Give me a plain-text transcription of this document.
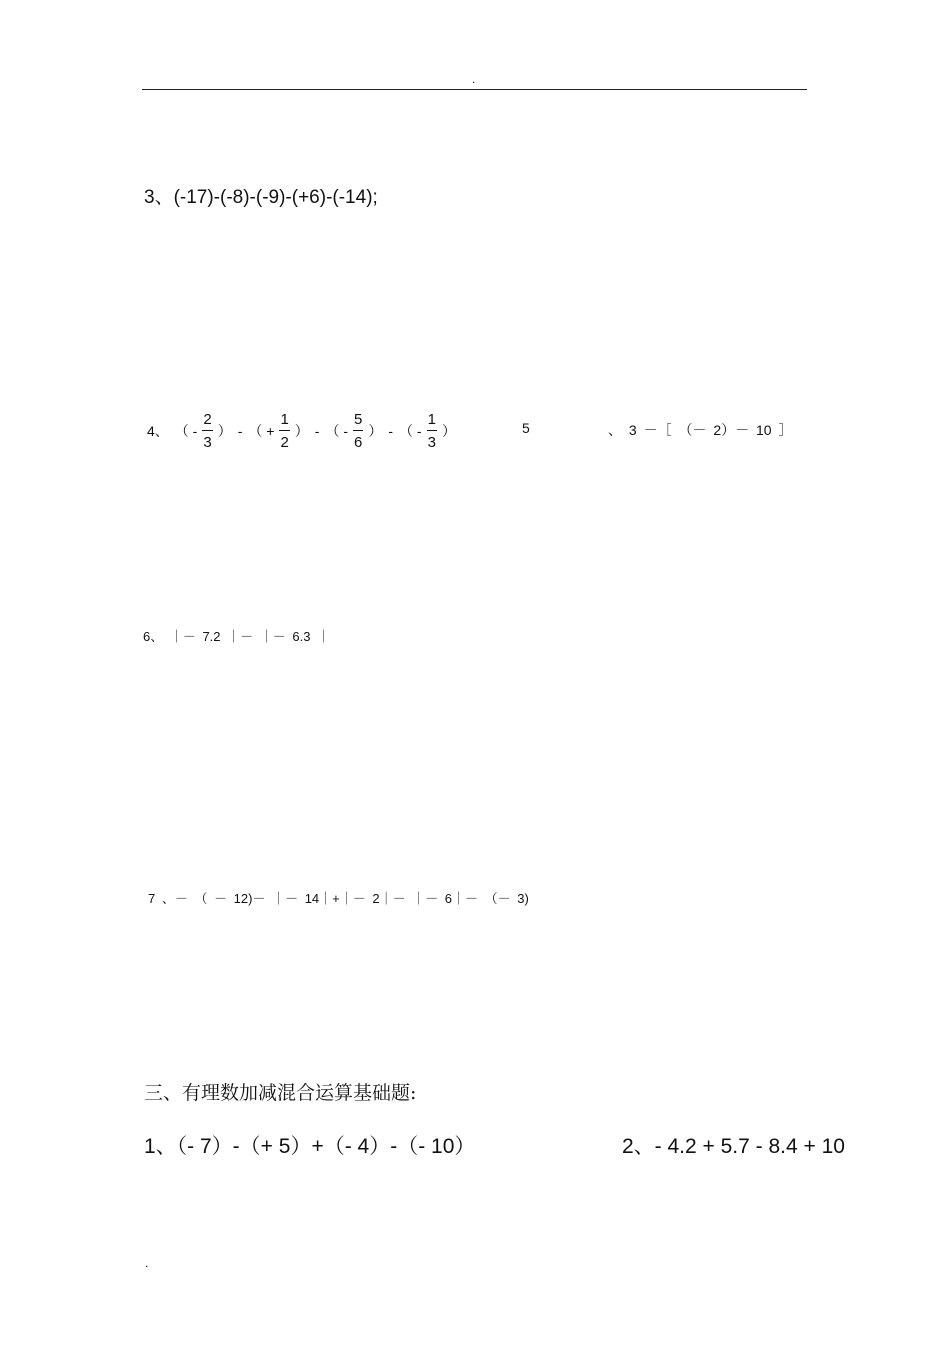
.
3、(-17)-(-8)-(-9)-(+6)-(-14);
4、 （ - $\frac{2}{3}$ ） - （ + $\frac{1}{2}$ ） - （ - $\frac{5}{6}$ ） - （ - $\frac{1}{3}$ ）	5	、 3 －［ （－ 2）－ 10 ］
6、 ｜－ 7.2 ｜－ ｜－ 6.3 ｜
7 、－ （ － 12)－ ｜－ 14｜+｜－ 2｜－ ｜－ 6｜－ （－ 3)
三、有理数加减混合运算基础题:
1、（- 7）-（+ 5）+（- 4）-（- 10）	2、- 4.2 + 5.7 - 8.4 + 10
.
